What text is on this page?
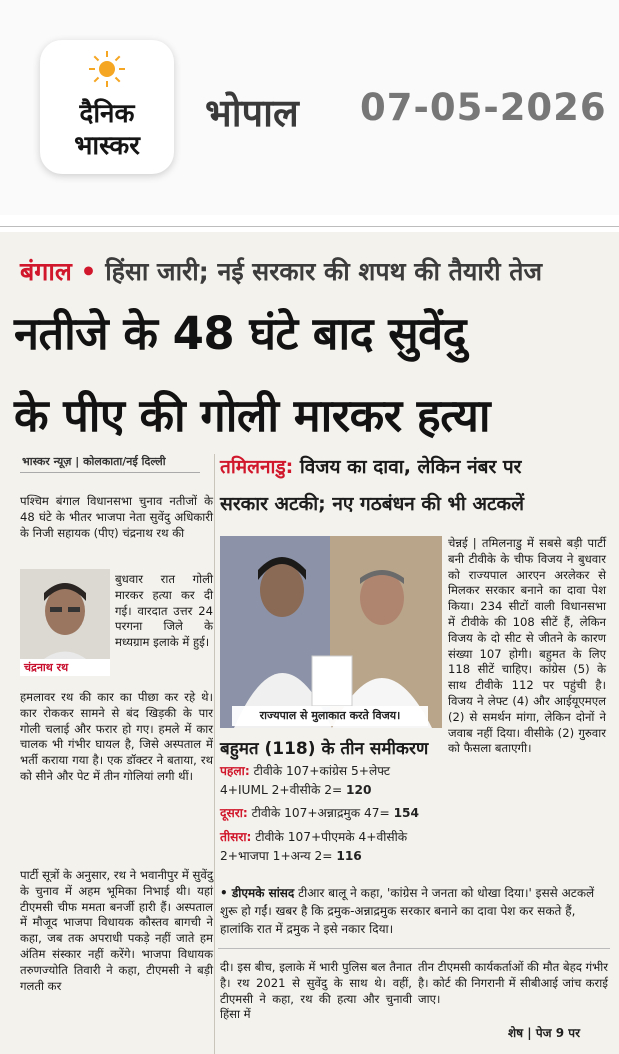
दैनिक
भास्कर
भोपाल 07-05-2026
बंगाल • हिंसा जारी; नई सरकार की शपथ की तैयारी तेज
नतीजे के 48 घंटे बाद सुवेंदु
के पीए की गोली मारकर हत्या
भास्कर न्यूज़ | कोलकाता/नई दिल्ली
पश्चिम बंगाल विधानसभा चुनाव नतीजों के 48 घंटे के भीतर भाजपा नेता सुवेंदु अधिकारी के निजी सहायक (पीए) चंद्रनाथ रथ की
चंद्रनाथ रथ
बुधवार रात गोली मारकर हत्या कर दी गई। वारदात उत्तर 24 परगना जिले के मध्यग्राम इलाके में हुई।
हमलावर रथ की कार का पीछा कर रहे थे। कार रोककर सामने से बंद खिड़की के पार गोली चलाई और फरार हो गए। हमले में कार चालक भी गंभीर घायल है, जिसे अस्पताल में भर्ती कराया गया है। एक डॉक्टर ने बताया, रथ को सीने और पेट में तीन गोलियां लगी थीं।
पार्टी सूत्रों के अनुसार, रथ ने भवानीपुर में सुवेंदु के चुनाव में अहम भूमिका निभाई थी। यहां टीएमसी चीफ ममता बनर्जी हारी हैं। अस्पताल में मौजूद भाजपा विधायक कौस्तव बागची ने कहा, जब तक अपराधी पकड़े नहीं जाते हम अंतिम संस्कार नहीं करेंगे। भाजपा विधायक तरुणज्योति तिवारी ने कहा, टीएमसी ने बड़ी गलती कर
तमिलनाडु: विजय का दावा, लेकिन नंबर पर
सरकार अटकी; नए गठबंधन की भी अटकलें
राज्यपाल से मुलाकात करते विजय।
चेन्नई | तमिलनाडु में सबसे बड़ी पार्टी बनी टीवीके के चीफ विजय ने बुधवार को राज्यपाल आरएन अरलेकर से मिलकर सरकार बनाने का दावा पेश किया। 234 सीटों वाली विधानसभा में टीवीके की 108 सीटें हैं, लेकिन विजय के दो सीट से जीतने के कारण संख्या 107 होगी। बहुमत के लिए 118 सीटें चाहिए। कांग्रेस (5) के साथ टीवीके 112 पर पहुंची है। विजय ने लेफ्ट (4) और आईयूएमएल (2) से समर्थन मांगा, लेकिन दोनों ने जवाब नहीं दिया। वीसीके (2) गुरुवार को फैसला बताएगी।
बहुमत (118) के तीन समीकरण
पहला: टीवीके 107+कांग्रेस 5+लेफ्ट 4+IUML 2+वीसीके 2= 120
दूसरा: टीवीके 107+अन्नाद्रमुक 47= 154
तीसरा: टीवीके 107+पीएमके 4+वीसीके 2+भाजपा 1+अन्य 2= 116
• डीएमके सांसद टीआर बालू ने कहा, 'कांग्रेस ने जनता को धोखा दिया।' इससे अटकलें शुरू हो गईं। खबर है कि द्रमुक-अन्नाद्रमुक सरकार बनाने का दावा पेश कर सकते हैं, हालांकि रात में द्रमुक ने इसे नकार दिया।
दी। इस बीच, इलाके में भारी पुलिस बल तैनात है। रथ 2021 से सुवेंदु के साथ थे। वहीं, टीएमसी ने कहा, रथ की हत्या और चुनावी हिंसा में
तीन टीएमसी कार्यकर्ताओं की मौत बेहद गंभीर है। कोर्ट की निगरानी में सीबीआई जांच कराई जाए।
शेष | पेज 9 पर
